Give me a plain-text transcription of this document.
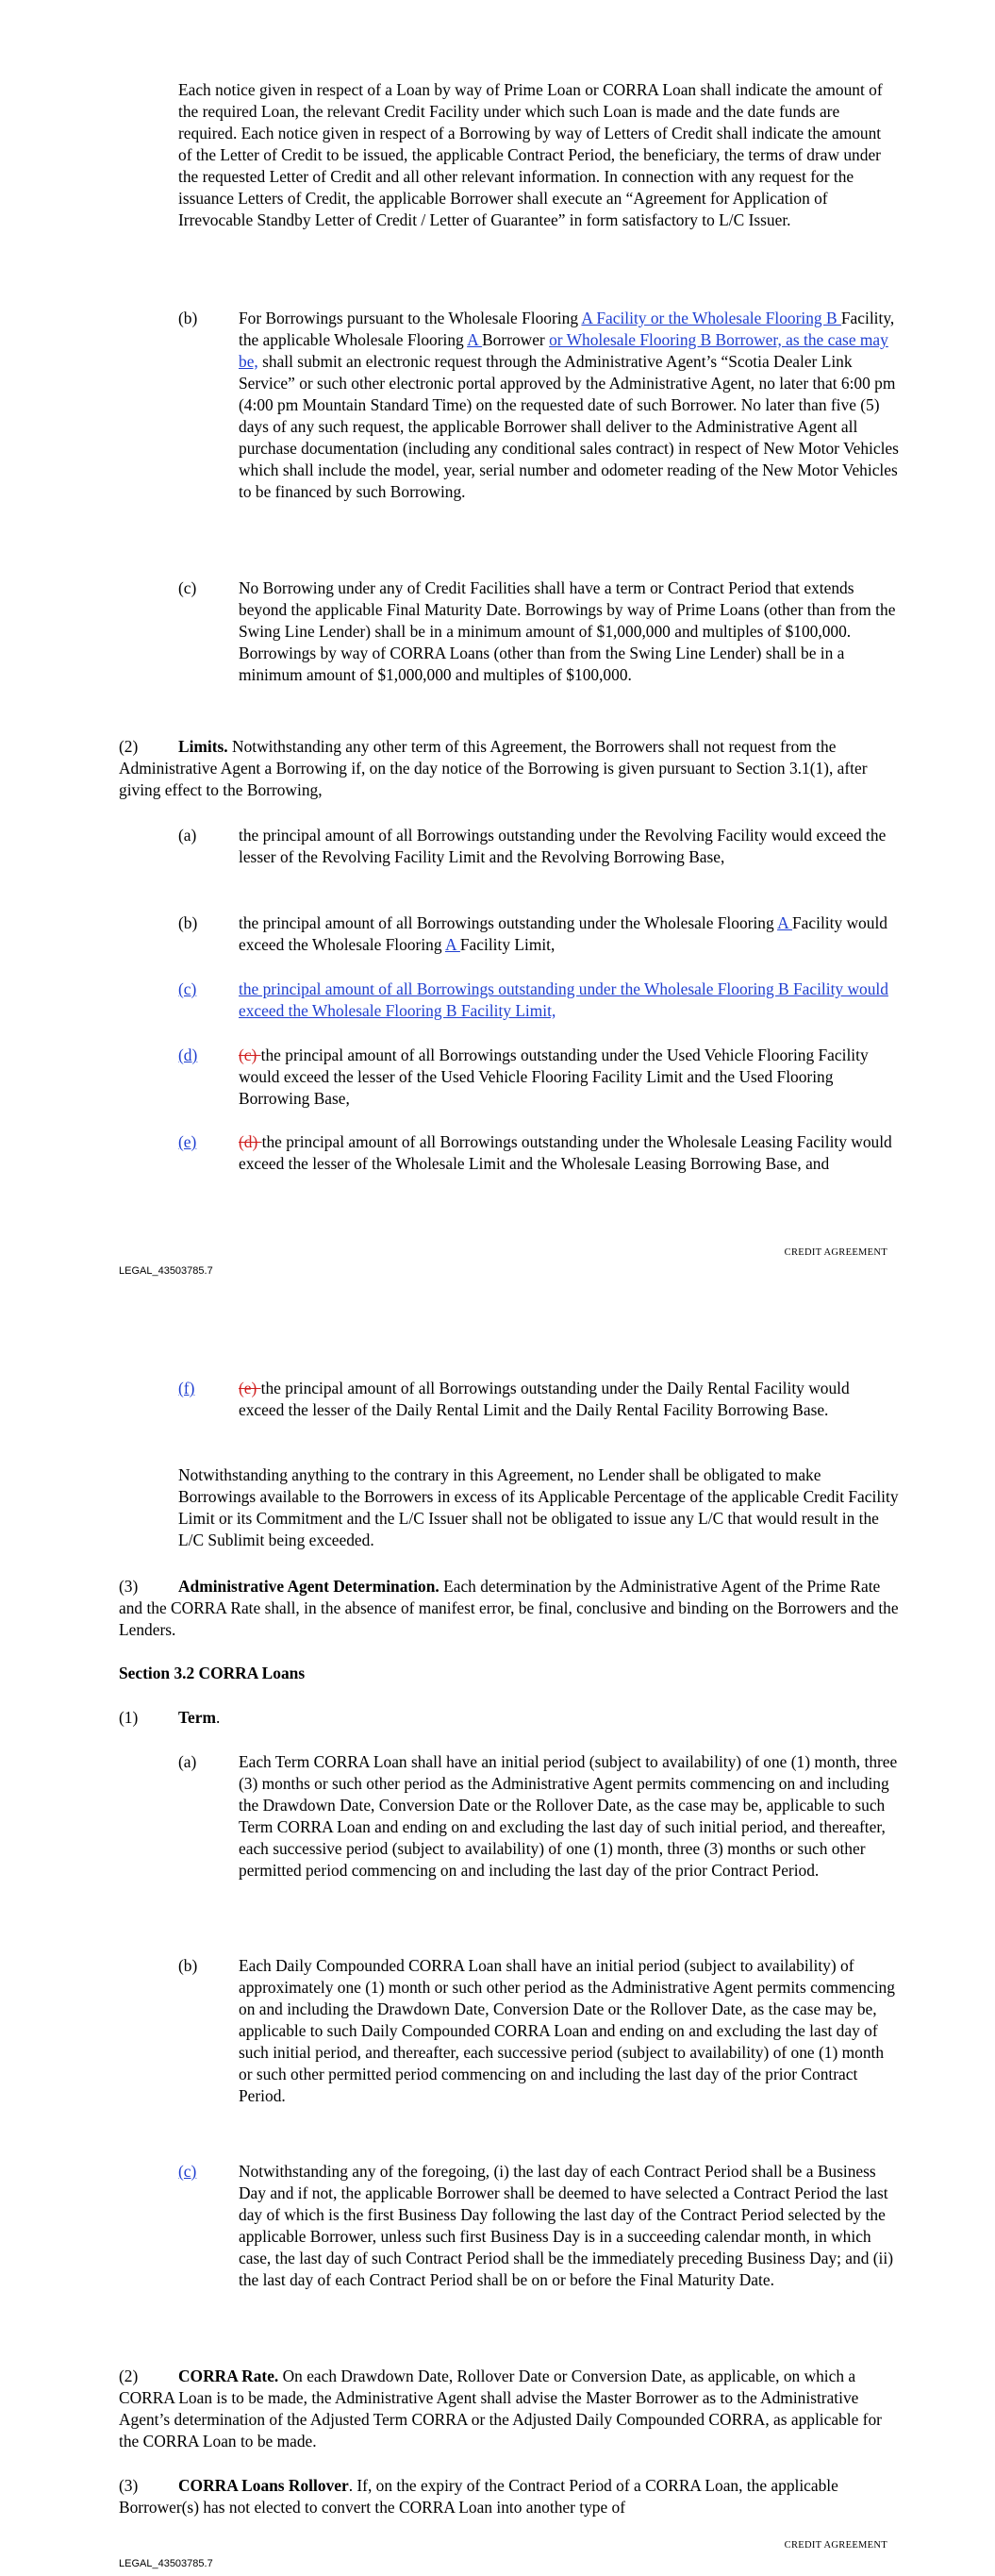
Each notice given in respect of a Loan by way of Prime Loan or CORRA Loan shall indicate the amount of the required Loan, the relevant Credit Facility under which such Loan is made and the date funds are required. Each notice given in respect of a Borrowing by way of Letters of Credit shall indicate the amount of the Letter of Credit to be issued, the applicable Contract Period, the beneficiary, the terms of draw under the requested Letter of Credit and all other relevant information. In connection with any request for the issuance Letters of Credit, the applicable Borrower shall execute an “Agreement for Application of Irrevocable Standby Letter of Credit / Letter of Guarantee” in form satisfactory to L/C Issuer.

(b)	For Borrowings pursuant to the Wholesale Flooring A Facility or the Wholesale Flooring B Facility, the applicable Wholesale Flooring A Borrower or Wholesale Flooring B Borrower, as the case may be, shall submit an electronic request through the Administrative Agent’s “Scotia Dealer Link Service” or such other electronic portal approved by the Administrative Agent, no later that 6:00 pm (4:00 pm Mountain Standard Time) on the requested date of such Borrower. No later than five (5) days of any such request, the applicable Borrower shall deliver to the Administrative Agent all purchase documentation (including any conditional sales contract) in respect of New Motor Vehicles which shall include the model, year, serial number and odometer reading of the New Motor Vehicles to be financed by such Borrowing.

(c)	No Borrowing under any of Credit Facilities shall have a term or Contract Period that extends beyond the applicable Final Maturity Date. Borrowings by way of Prime Loans (other than from the Swing Line Lender) shall be in a minimum amount of $1,000,000 and multiples of $100,000. Borrowings by way of CORRA Loans (other than from the Swing Line Lender) shall be in a minimum amount of $1,000,000 and multiples of $100,000.

(2) Limits. Notwithstanding any other term of this Agreement, the Borrowers shall not request from the Administrative Agent a Borrowing if, on the day notice of the Borrowing is given pursuant to Section 3.1(1), after giving effect to the Borrowing,

(a)	the principal amount of all Borrowings outstanding under the Revolving Facility would exceed the lesser of the Revolving Facility Limit and the Revolving Borrowing Base,

(b)	the principal amount of all Borrowings outstanding under the Wholesale Flooring A Facility would exceed the Wholesale Flooring A Facility Limit,

(c)	the principal amount of all Borrowings outstanding under the Wholesale Flooring B Facility would exceed the Wholesale Flooring B Facility Limit,

(d)	(c) the principal amount of all Borrowings outstanding under the Used Vehicle Flooring Facility would exceed the lesser of the Used Vehicle Flooring Facility Limit and the Used Flooring Borrowing Base,

(e)	(d) the principal amount of all Borrowings outstanding under the Wholesale Leasing Facility would exceed the lesser of the Wholesale Limit and the Wholesale Leasing Borrowing Base, and

CREDIT AGREEMENT
LEGAL_43503785.7
(f)	(e) the principal amount of all Borrowings outstanding under the Daily Rental Facility would exceed the lesser of the Daily Rental Limit and the Daily Rental Facility Borrowing Base.

Notwithstanding anything to the contrary in this Agreement, no Lender shall be obligated to make Borrowings available to the Borrowers in excess of its Applicable Percentage of the applicable Credit Facility Limit or its Commitment and the L/C Issuer shall not be obligated to issue any L/C that would result in the L/C Sublimit being exceeded.

(3) Administrative Agent Determination. Each determination by the Administrative Agent of the Prime Rate and the CORRA Rate shall, in the absence of manifest error, be final, conclusive and binding on the Borrowers and the Lenders.

Section 3.2 CORRA Loans

(1) Term.

(a)	Each Term CORRA Loan shall have an initial period (subject to availability) of one (1) month, three (3) months or such other period as the Administrative Agent permits commencing on and including the Drawdown Date, Conversion Date or the Rollover Date, as the case may be, applicable to such Term CORRA Loan and ending on and excluding the last day of such initial period, and thereafter, each successive period (subject to availability) of one (1) month, three (3) months or such other permitted period commencing on and including the last day of the prior Contract Period.

(b)	Each Daily Compounded CORRA Loan shall have an initial period (subject to availability) of approximately one (1) month or such other period as the Administrative Agent permits commencing on and including the Drawdown Date, Conversion Date or the Rollover Date, as the case may be, applicable to such Daily Compounded CORRA Loan and ending on and excluding the last day of such initial period, and thereafter, each successive period (subject to availability) of one (1) month or such other permitted period commencing on and including the last day of the prior Contract Period.

(c)	Notwithstanding any of the foregoing, (i) the last day of each Contract Period shall be a Business Day and if not, the applicable Borrower shall be deemed to have selected a Contract Period the last day of which is the first Business Day following the last day of the Contract Period selected by the applicable Borrower, unless such first Business Day is in a succeeding calendar month, in which case, the last day of such Contract Period shall be the immediately preceding Business Day; and (ii) the last day of each Contract Period shall be on or before the Final Maturity Date.

(2) CORRA Rate. On each Drawdown Date, Rollover Date or Conversion Date, as applicable, on which a CORRA Loan is to be made, the Administrative Agent shall advise the Master Borrower as to the Administrative Agent’s determination of the Adjusted Term CORRA or the Adjusted Daily Compounded CORRA, as applicable for the CORRA Loan to be made.

(3) CORRA Loans Rollover. If, on the expiry of the Contract Period of a CORRA Loan, the applicable Borrower(s) has not elected to convert the CORRA Loan into another type of

CREDIT AGREEMENT
LEGAL_43503785.7
